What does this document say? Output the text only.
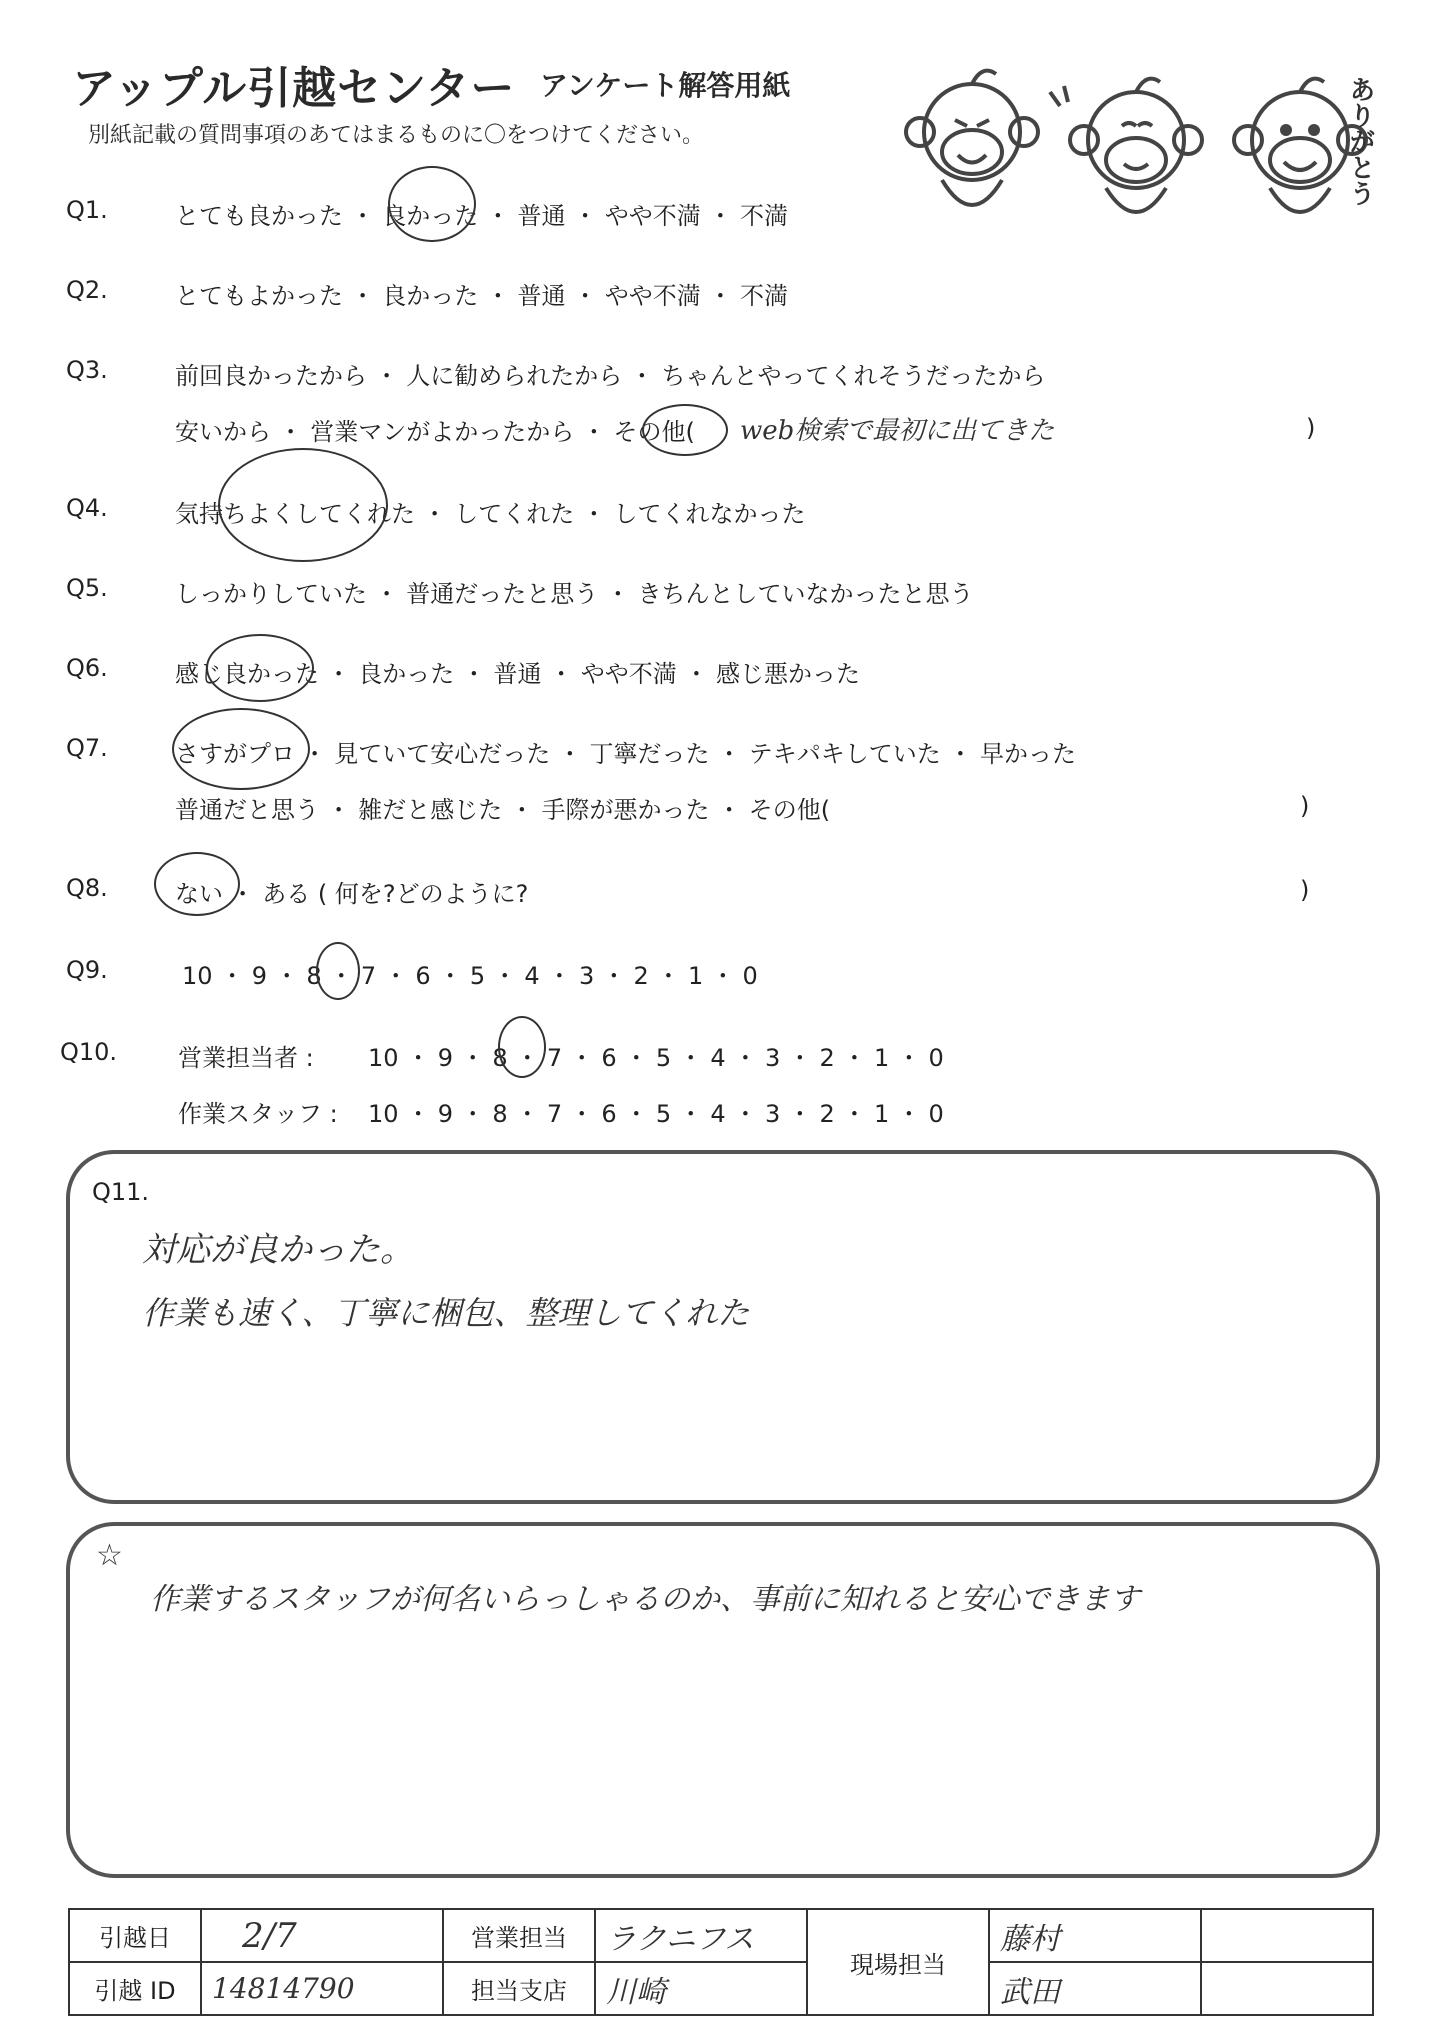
アップル引越センター アンケート解答用紙
別紙記載の質問事項のあてはまるものに〇をつけてください。	ありがとう
Q1.	とても良かった ・ 良かった ・ 普通 ・ やや不満 ・ 不満
Q2.	とてもよかった ・ 良かった ・ 普通 ・ やや不満 ・ 不満
Q3.	前回良かったから ・ 人に勧められたから ・ ちゃんとやってくれそうだったから
安いから ・ 営業マンがよかったから ・ その他( web検索で最初に出てきた	)
Q4.	気持ちよくしてくれた ・ してくれた ・ してくれなかった
Q5.	しっかりしていた ・ 普通だったと思う ・ きちんとしていなかったと思う
Q6.	感じ良かった ・ 良かった ・ 普通 ・ やや不満 ・ 感じ悪かった
Q7.	さすがプロ ・ 見ていて安心だった ・ 丁寧だった ・ テキパキしていた ・ 早かった
普通だと思う ・ 雑だと感じた ・ 手際が悪かった ・ その他(	)
Q8.	ない ・ ある ( 何を?どのように?	)
Q9.	10 ・ 9 ・ 8 ・ 7 ・ 6 ・ 5 ・ 4 ・ 3 ・ 2 ・ 1 ・ 0
Q10.	営業担当者 : 10 ・ 9 ・ 8 ・ 7 ・ 6 ・ 5 ・ 4 ・ 3 ・ 2 ・ 1 ・ 0
作業スタッフ : 10 ・ 9 ・ 8 ・ 7 ・ 6 ・ 5 ・ 4 ・ 3 ・ 2 ・ 1 ・ 0
Q11.
対応が良かった。
作業も速く、丁寧に梱包、整理してくれた
☆
作業するスタッフが何名いらっしゃるのか、事前に知れると安心できます
引越日	2/7	営業担当	ラクニフス	現場担当	藤村	
引越 ID	14814790	担当支店	川崎		武田	
